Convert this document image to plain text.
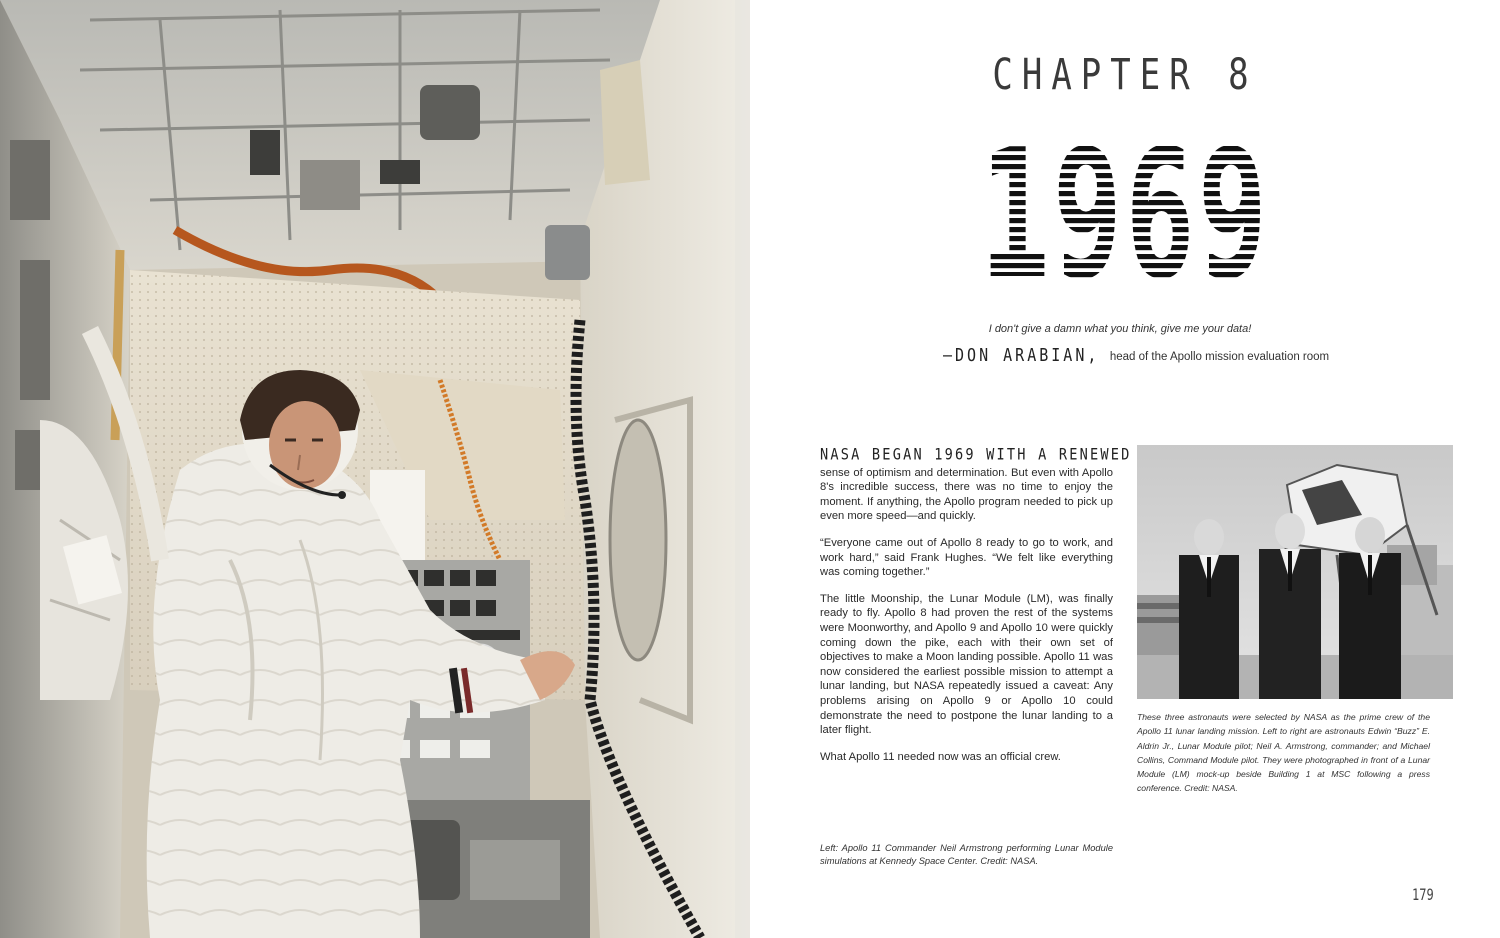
CHAPTER 8
1969
I don't give a damn what you think, give me your data!
–DON ARABIAN, head of the Apollo mission evaluation room

NASA BEGAN 1969 WITH A RENEWED
sense of optimism and determination. But even with Apollo 8's incredible success, there was no time to enjoy the moment. If anything, the Apollo program needed to pick up even more speed—and quickly.

“Everyone came out of Apollo 8 ready to go to work, and work hard,” said Frank Hughes. “We felt like everything was coming together.”

The little Moonship, the Lunar Module (LM), was finally ready to fly. Apollo 8 had proven the rest of the systems were Moonworthy, and Apollo 9 and Apollo 10 were quickly coming down the pike, each with their own set of objectives to make a Moon landing possible. Apollo 11 was now considered the earliest possible mission to attempt a lunar landing, but NASA repeatedly issued a caveat: Any problems arising on Apollo 9 or Apollo 10 could demonstrate the need to postpone the lunar landing to a later flight.

What Apollo 11 needed now was an official crew.

Left: Apollo 11 Commander Neil Armstrong performing Lunar Module simulations at Kennedy Space Center. Credit: NASA.
These three astronauts were selected by NASA as the prime crew of the Apollo 11 lunar landing mission. Left to right are astronauts Edwin “Buzz” E. Aldrin Jr., Lunar Module pilot; Neil A. Armstrong, commander; and Michael Collins, Command Module pilot. They were photographed in front of a Lunar Module (LM) mock-up beside Building 1 at MSC following a press conference. Credit: NASA.
179
